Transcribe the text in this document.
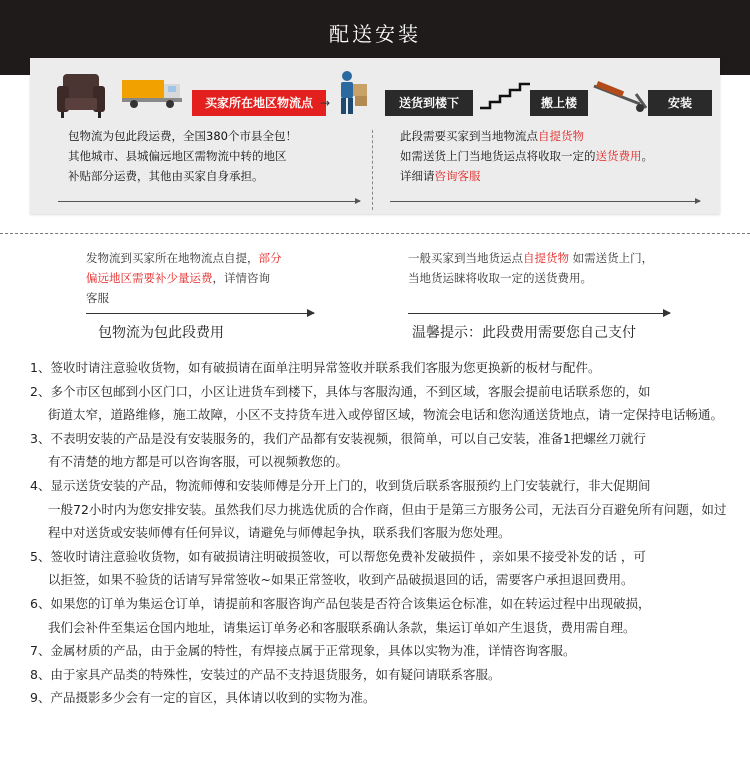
配送安装
买家所在地区物流点 →	送货到楼下	搬上楼	安装
包物流为包此段运费，全国380个市县全包！
其他城市、县城偏远地区需物流中转的地区
补贴部分运费，其他由买家自身承担。
此段需要买家到当地物流点自提货物
如需送货上门当地货运点将收取一定的送货费用。
详细请咨询客服
发物流到买家所在地物流点自提，部分
偏远地区需要补少量运费，详情咨询
客服
包物流为包此段费用
一般买家到当地货运点自提货物 如需送货上门，
当地货运睐将收取一定的送货费用。
温馨提示：此段费用需要您自己支付

1、签收时请注意验收货物，如有破损请在面单注明异常签收并联系我们客服为您更换新的板材与配件。

2、多个市区包邮到小区门口，小区让进货车到楼下，具体与客服沟通，不到区域，客服会提前电话联系您的，如
街道太窄，道路维修，施工故障，小区不支持货车进入或停留区域，物流会电话和您沟通送货地点，请一定保持电话畅通。

3、不表明安装的产品是没有安装服务的，我们产品都有安装视频，很简单，可以自己安装，准备1把螺丝刀就行
有不清楚的地方都是可以咨询客服，可以视频教您的。

4、显示送货安装的产品，物流师傅和安装师傅是分开上门的，收到货后联系客服预约上门安装就行，非大促期间
一般72小时内为您安排安装。虽然我们尽力挑选优质的合作商，但由于是第三方服务公司，无法百分百避免所有问题，如过程中对送货或安装师傅有任何异议，请避免与师傅起争执，联系我们客服为您处理。

5、签收时请注意验收货物，如有破损请注明破损签收，可以帮您免费补发破损件 ，亲如果不接受补发的话 ，可
以拒签，如果不验货的话请写异常签收~如果正常签收，收到产品破损退回的话，需要客户承担退回费用。

6、如果您的订单为集运仓订单，请提前和客服咨询产品包装是否符合该集运仓标准，如在转运过程中出现破损，
我们会补件至集运仓国内地址，请集运订单务必和客服联系确认条款，集运订单如产生退货，费用需自理。

7、金属材质的产品，由于金属的特性，有焊接点属于正常现象，具体以实物为准，详情咨询客服。

8、由于家具产品类的特殊性，安装过的产品不支持退货服务，如有疑问请联系客服。

9、产品摄影多少会有一定的盲区，具体请以收到的实物为准。
